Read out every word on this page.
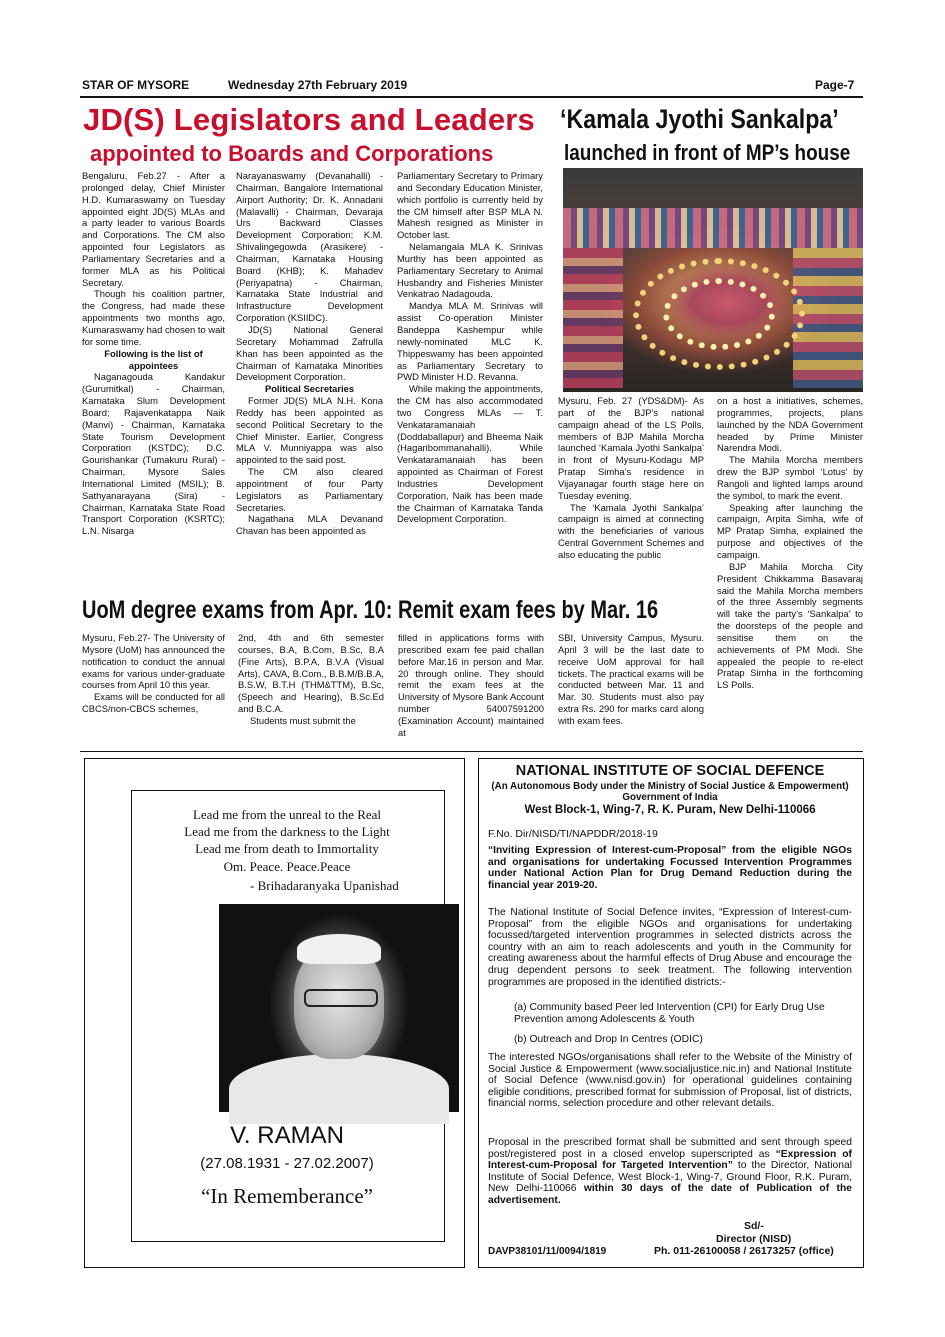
STAR OF MYSORE	Wednesday 27th February 2019	Page-7
JD(S) Legislators and Leaders
appointed to Boards and Corporations

Bengaluru, Feb.27 - After a prolonged delay, Chief Minister H.D. Kumaraswamy on Tuesday appointed eight JD(S) MLAs and a party leader to various Boards and Corporations. The CM also appointed four Legislators as Parliamentary Secretaries and a former MLA as his Political Secretary.

Though his coalition partner, the Congress, had made these appointments two months ago, Kumaraswamy had chosen to wait for some time.

Following is the list of appointees

Naganagouda Kandakur (Gurumitkal) - Chairman, Karnataka Slum Development Board; Rajavenkatappa Naik (Manvi) - Chairman, Karnataka State Tourism Development Corporation (KSTDC); D.C. Gourishankar (Tumakuru Rural) - Chairman, Mysore Sales International Limited (MSIL); B. Sathyanarayana (Sira) - Chairman, Karnataka State Road Transport Corporation (KSRTC); L.N. Nisarga

Narayanaswamy (Devanahalli) - Chairman, Bangalore International Airport Authority; Dr. K. Annadani (Malavalli) - Chairman, Devaraja Urs Backward Classes Development Corporation; K.M. Shivalingegowda (Arasikere) - Chairman, Karnataka Housing Board (KHB); K. Mahadev (Periyapatna) - Chairman, Karnataka State Industrial and Infrastructure Development Corporation (KSIIDC).

JD(S) National General Secretary Mohammad Zafrulla Khan has been appointed as the Chairman of Karnataka Minorities Development Corporation.

Political Secretaries

Former JD(S) MLA N.H. Kona Reddy has been appointed as second Political Secretary to the Chief Minister. Earlier, Congress MLA V. Munniyappa was also appointed to the said post.

The CM also cleared appointment of four Party Legislators as Parliamentary Secretaries.

Nagathana MLA Devanand Chavan has been appointed as

Parliamentary Secretary to Primary and Secondary Education Minister, which portfolio is currently held by the CM himself after BSP MLA N. Mahesh resigned as Minister in October last.

Nelamangala MLA K. Srinivas Murthy has been appointed as Parliamentary Secretary to Animal Husbandry and Fisheries Minister Venkatrao Nadagouda.

Mandya MLA M. Srinivas will assist Co-operation Minister Bandeppa Kashempur while newly-nominated MLC K. Thippeswamy has been appointed as Parliamentary Secretary to PWD Minister H.D. Revanna.

While making the appointments, the CM has also accommodated two Congress MLAs — T. Venkataramanaiah (Doddaballapur) and Bheema Naik (Hagaribommanahalli). While Venkataramanaiah has been appointed as Chairman of Forest Industries Development Corporation, Naik has been made the Chairman of Karnataka Tanda Development Corporation.

‘Kamala Jyothi Sankalpa’
launched in front of MP’s house

Mysuru, Feb. 27 (YDS&DM)- As part of the BJP’s national campaign ahead of the LS Polls, members of BJP Mahila Morcha launched ‘Kamala Jyothi Sankalpa’ in front of Mysuru-Kodagu MP Pratap Simha’s residence in Vijayanagar fourth stage here on Tuesday evening.

The ‘Kamala Jyothi Sankalpa’ campaign is aimed at connecting with the beneficiaries of various Central Government Schemes and also educating the public

on a host a initiatives, schemes, programmes, projects, plans launched by the NDA Government headed by Prime Minister Narendra Modi.

The Mahila Morcha members drew the BJP symbol ‘Lotus’ by Rangoli and lighted lamps around the symbol, to mark the event.

Speaking after launching the campaign, Arpita Simha, wife of MP Pratap Simha, explained the purpose and objectives of the campaign.

BJP Mahila Morcha City President Chikkamma Basavaraj said the Mahila Morcha members of the three Assembly segments will take the party’s ‘Sankalpa’ to the doorsteps of the people and sensitise them on the achievements of PM Modi. She appealed the people to re-elect Pratap Simha in the forthcoming LS Polls.

UoM degree exams from Apr. 10: Remit exam fees by Mar. 16

Mysuru, Feb.27- The University of Mysore (UoM) has announced the notification to conduct the annual exams for various under-graduate courses from April 10 this year.

Exams will be conducted for all CBCS/non-CBCS schemes,

2nd, 4th and 6th semester courses, B.A, B.Com, B.Sc, B.A (Fine Arts), B.P.A, B.V.A (Visual Arts), CAVA, B.Com., B.B.M/B.B.A, B.S.W, B.T.H (THM&TTM), B.Sc, (Speech and Hearing), B.Sc.Ed and B.C.A.

Students must submit the

filled in applications forms with prescribed exam fee paid challan before Mar.16 in person and Mar. 20 through online. They should remit the exam fees at the University of Mysore Bank Account number 54007591200 (Examination Account) maintained at

SBI, University Campus, Mysuru. April 3 will be the last date to receive UoM approval for hall tickets. The practical exams will be conducted between Mar. 11 and Mar. 30. Students must also pay extra Rs. 290 for marks card along with exam fees.

Lead me from the unreal to the Real
Lead me from the darkness to the Light
Lead me from death to Immortality
Om. Peace. Peace.Peace
- Brihadaranyaka Upanishad
V. RAMAN
(27.08.1931 - 27.02.2007)
“In Rememberance”
NATIONAL INSTITUTE OF SOCIAL DEFENCE
(An Autonomous Body under the Ministry of Social Justice & Empowerment)
Government of India
West Block-1, Wing-7, R. K. Puram, New Delhi-110066
F.No. Dir/NISD/TI/NAPDDR/2018-19

“Inviting Expression of Interest-cum-Proposal” from the eligible NGOs and organisations for undertaking Focussed Intervention Programmes under National Action Plan for Drug Demand Reduction during the financial year 2019-20.

The National Institute of Social Defence invites, “Expression of Interest-cum-Proposal” from the eligible NGOs and organisations for undertaking focussed/targeted intervention programmes in selected districts across the country with an aim to reach adolescents and youth in the Community for creating awareness about the harmful effects of Drug Abuse and encourage the drug dependent persons to seek treatment. The following intervention programmes are proposed in the identified districts:-

(a) Community based Peer led Intervention (CPI) for Early Drug Use Prevention among Adolescents & Youth

(b) Outreach and Drop In Centres (ODIC)

The interested NGOs/organisations shall refer to the Website of the Ministry of Social Justice & Empowerment (www.socialjustice.nic.in) and National Institute of Social Defence (www.nisd.gov.in) for operational guidelines containing eligible conditions, prescribed format for submission of Proposal, list of districts, financial norms, selection procedure and other relevant details.

Proposal in the prescribed format shall be submitted and sent through speed post/registered post in a closed envelop superscripted as “Expression of Interest-cum-Proposal for Targeted Intervention” to the Director, National Institute of Social Defence, West Block-1, Wing-7, Ground Floor, R.K. Puram, New Delhi-110066 within 30 days of the date of Publication of the advertisement.

Sd/-
Director (NISD)
DAVP38101/11/0094/1819	Ph. 011-26100058 / 26173257 (office)
